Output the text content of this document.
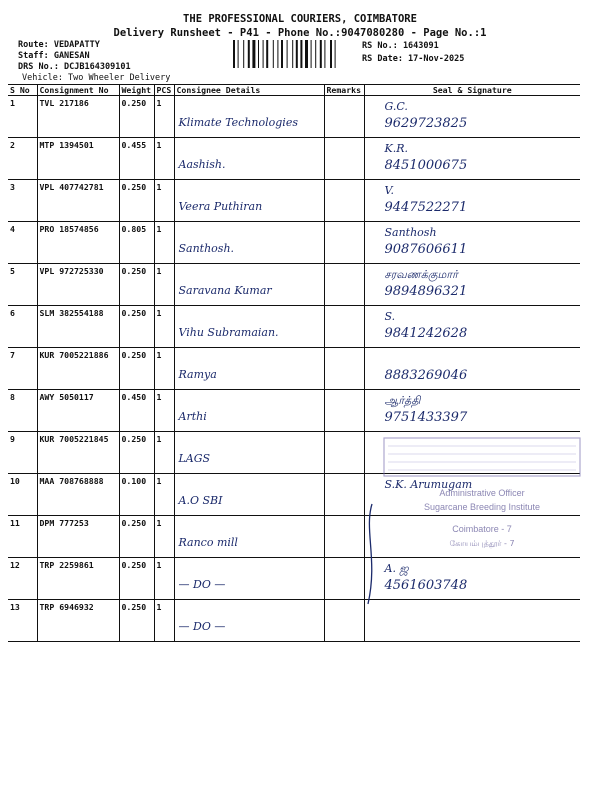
THE PROFESSIONAL COURIERS, COIMBATORE
Delivery Runsheet - P41 - Phone No.:9047080280 - Page No.:1
Route: VEDAPATTY
Staff: GANESAN
DRS No.: DCJB164309101
Vehicle: Two Wheeler Delivery
RS No.: 1643091
RS Date: 17-Nov-2025
S No	Consignment No	Weight	PCS	Consignee Details	Remarks	Seal & Signature
1	TVL 217186	0.250	1	Klimate Technologies		G.C.
9629723825

2	MTP 1394501	0.455	1	Aashish.		K.R.
8451000675

3	VPL 407742781	0.250	1	Veera Puthiran		V.
9447522271

4	PRO 18574856	0.805	1	Santhosh.		Santhosh
9087606611

5	VPL 972725330	0.250	1	Saravana Kumar		சரவணக்குமார்
9894896321

6	SLM 382554188	0.250	1	Vihu Subramaian.		S.
9841242628

7	KUR 7005221886	0.250	1	Ramya		8883269046

8	AWY 5050117	0.450	1	Arthi		ஆர்த்தி
9751433397

9	KUR 7005221845	0.250	1	LAGS		

10	MAA 708768888	0.100	1	A.O SBI		S.K. Arumugam

11	DPM 777253	0.250	1	Ranco mill		

12	TRP 2259861	0.250	1	— DO —		A. ஜ
4561603748

13	TRP 6946932	0.250	1	— DO —		

Administrative Officer
Sugarcane Breeding Institute
Coimbatore - 7
கோயம்புத்தூர் - 7
